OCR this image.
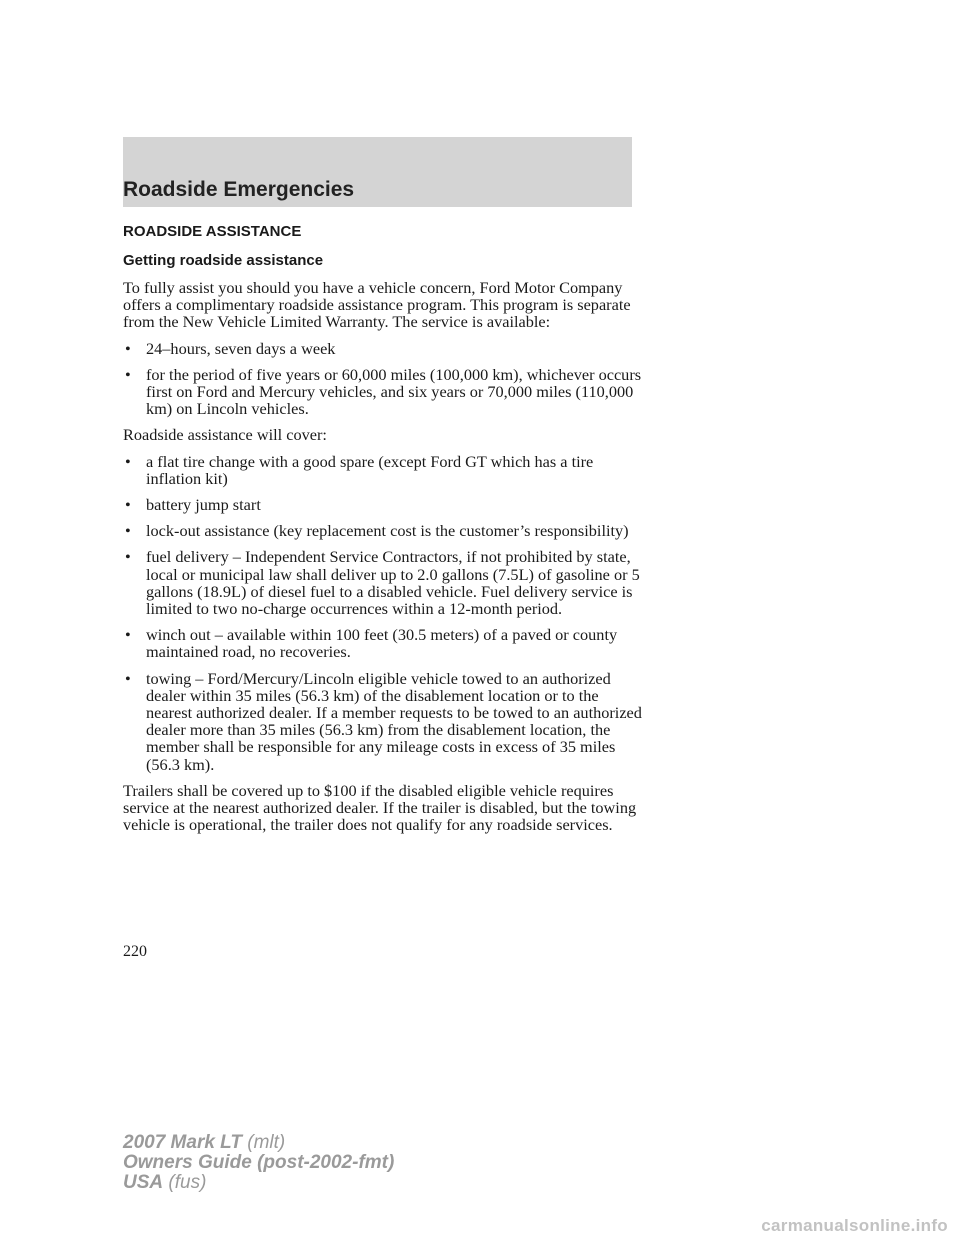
Roadside Emergencies
ROADSIDE ASSISTANCE
Getting roadside assistance

To fully assist you should you have a vehicle concern, Ford Motor Company offers a complimentary roadside assistance program. This program is separate from the New Vehicle Limited Warranty. The service is available:

• 24–hours, seven days a week
• for the period of five years or 60,000 miles (100,000 km), whichever occurs first on Ford and Mercury vehicles, and six years or 70,000 miles (110,000 km) on Lincoln vehicles.

Roadside assistance will cover:

• a flat tire change with a good spare (except Ford GT which has a tire inflation kit)
• battery jump start
• lock-out assistance (key replacement cost is the customer’s responsibility)
• fuel delivery – Independent Service Contractors, if not prohibited by state, local or municipal law shall deliver up to 2.0 gallons (7.5L) of gasoline or 5 gallons (18.9L) of diesel fuel to a disabled vehicle. Fuel delivery service is limited to two no-charge occurrences within a 12-month period.
• winch out – available within 100 feet (30.5 meters) of a paved or county maintained road, no recoveries.
• towing – Ford/Mercury/Lincoln eligible vehicle towed to an authorized dealer within 35 miles (56.3 km) of the disablement location or to the nearest authorized dealer. If a member requests to be towed to an authorized dealer more than 35 miles (56.3 km) from the disablement location, the member shall be responsible for any mileage costs in excess of 35 miles (56.3 km).

Trailers shall be covered up to $100 if the disabled eligible vehicle requires service at the nearest authorized dealer. If the trailer is disabled, but the towing vehicle is operational, the trailer does not qualify for any roadside services.

220
2007 Mark LT (mlt)
Owners Guide (post-2002-fmt)
USA (fus)
carmanualsonline.info
